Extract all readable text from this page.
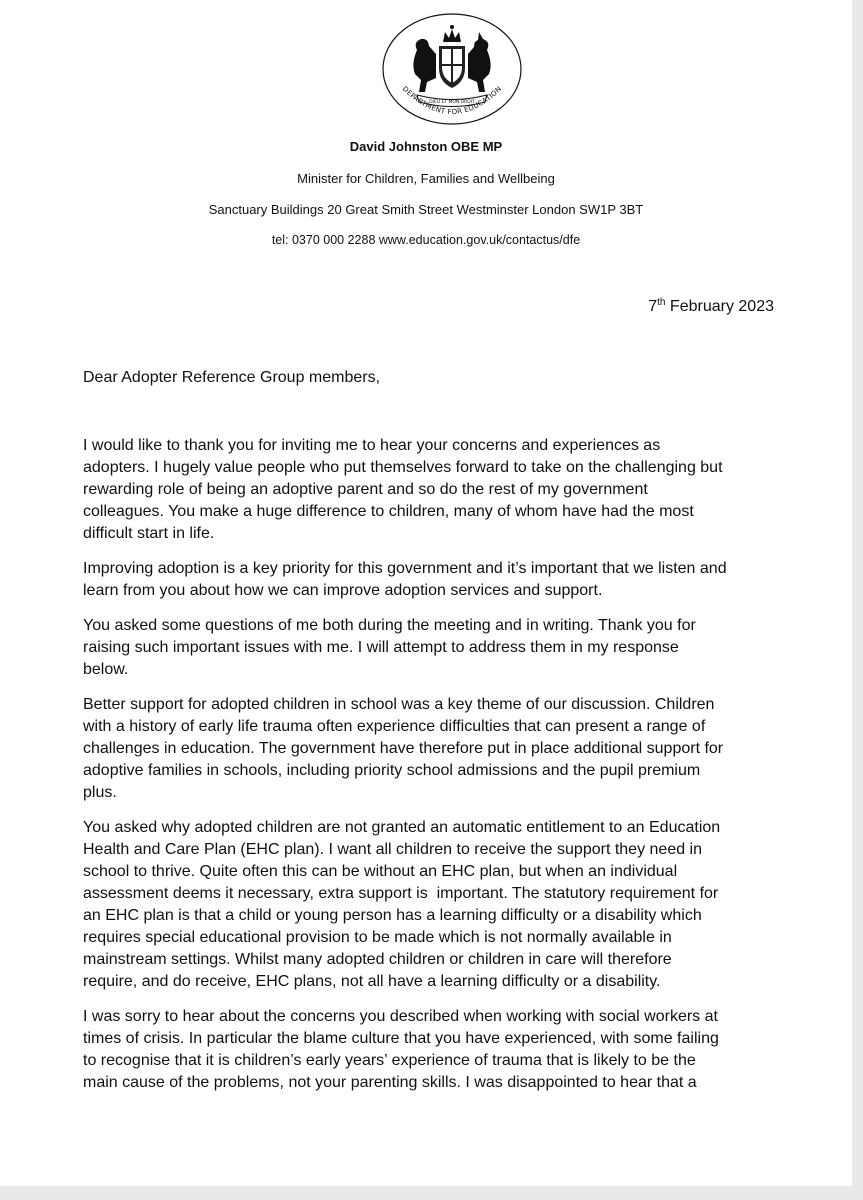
DIEU ET MON DROIT
DEPARTMENT FOR EDUCATION
David Johnston OBE MP
Minister for Children, Families and Wellbeing
Sanctuary Buildings 20 Great Smith Street Westminster London SW1P 3BT
tel: 0370 000 2288 www.education.gov.uk/contactus/dfe
7th February 2023
Dear Adopter Reference Group members,

I would like to thank you for inviting me to hear your concerns and experiences as
adopters. I hugely value people who put themselves forward to take on the challenging but
rewarding role of being an adoptive parent and so do the rest of my government
colleagues. You make a huge difference to children, many of whom have had the most
difficult start in life.

Improving adoption is a key priority for this government and it’s important that we listen and
learn from you about how we can improve adoption services and support.

You asked some questions of me both during the meeting and in writing. Thank you for
raising such important issues with me. I will attempt to address them in my response
below.

Better support for adopted children in school was a key theme of our discussion. Children
with a history of early life trauma often experience difficulties that can present a range of
challenges in education. The government have therefore put in place additional support for
adoptive families in schools, including priority school admissions and the pupil premium
plus.

You asked why adopted children are not granted an automatic entitlement to an Education
Health and Care Plan (EHC plan). I want all children to receive the support they need in
school to thrive. Quite often this can be without an EHC plan, but when an individual
assessment deems it necessary, extra support is  important. The statutory requirement for
an EHC plan is that a child or young person has a learning difficulty or a disability which
requires special educational provision to be made which is not normally available in
mainstream settings. Whilst many adopted children or children in care will therefore
require, and do receive, EHC plans, not all have a learning difficulty or a disability.

I was sorry to hear about the concerns you described when working with social workers at
times of crisis. In particular the blame culture that you have experienced, with some failing
to recognise that it is children’s early years’ experience of trauma that is likely to be the
main cause of the problems, not your parenting skills. I was disappointed to hear that a
